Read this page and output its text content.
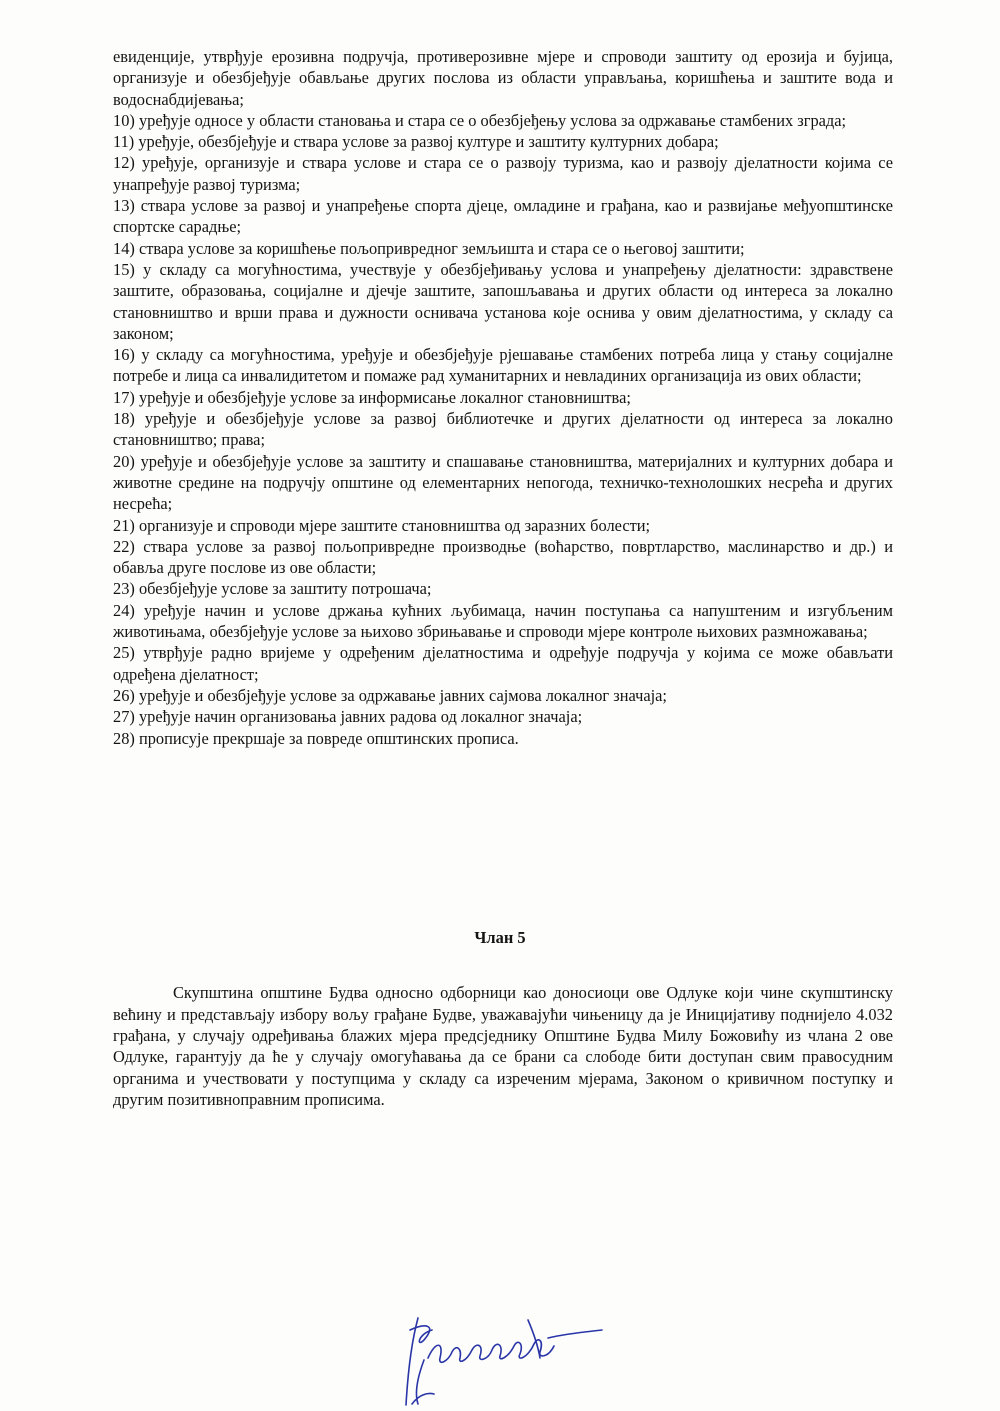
евиденције, утврђује ерозивна подручја, противерозивне мјере и спроводи заштиту од ерозија и бујица, организује и обезбјеђује обављање других послова из области управљања, коришћења и заштите вода и водоснабдијевања;

10) уређује односе у области становања и стара се о обезбјеђењу услова за одржавање стамбених зграда;

11) уређује, обезбјеђује и ствара услове за развој културе и заштиту културних добара;

12) уређује, организује и ствара услове и стара се о развоју туризма, као и развоју дјелатности којима се унапређује развој туризма;

13) ствара услове за развој и унапређење спорта дјеце, омладине и грађана, као и развијање међуопштинске спортске сарадње;

14) ствара услове за коришћење пољопривредног земљишта и стара се о његовој заштити;

15) у складу са могућностима, учествује у обезбјеђивању услова и унапређењу дјелатности: здравствене заштите, образовања, социјалне и дјечје заштите, запошљавања и других области од интереса за локално становништво и врши права и дужности оснивача установа које оснива у овим дјелатностима, у складу са законом;

16) у складу са могућностима, уређује и обезбјеђује рјешавање стамбених потреба лица у стању социјалне потребе и лица са инвалидитетом и помаже рад хуманитарних и невладиних организација из ових области;

17) уређује и обезбјеђује услове за информисање локалног становништва;

18) уређује и обезбјеђује услове за развој библиотечке и других дјелатности од интереса за локално становништво; права;

20) уређује и обезбјеђује услове за заштиту и спашавање становништва, материјалних и културних добара и животне средине на подручју општине од елементарних непогода, техничко-технолошких несрећа и других несрећа;

21) организује и спроводи мјере заштите становништва од заразних болести;

22) ствара услове за развој пољопривредне производње (воћарство, повртларство, маслинарство и др.) и обавља друге послове из ове области;

23) обезбјеђује услове за заштиту потрошача;

24) уређује начин и услове држања кућних љубимаца, начин поступања са напуштеним и изгубљеним животињама, обезбјеђује услове за њихово збрињавање и спроводи мјере контроле њихових размножавања;

25) утврђује радно вријеме у одређеним дјелатностима и одређује подручја у којима се може обављати одређена дјелатност;

26) уређује и обезбјеђује услове за одржавање јавних сајмова локалног значаја;

27) уређује начин организовања јавних радова од локалног значаја;

28) прописује прекршаје за повреде општинских прописа.

Члан 5

Скупштина општине Будва односно одборници као доносиоци ове Одлуке који чине скупштинску већину и представљају избору вољу грађане Будве, уважавајући чињеницу да је Иницијативу поднијело 4.032 грађана, у случају одређивања блажих мјера предсједнику Општине Будва Милу Божовићу из члана 2 ове Одлуке, гарантују да ће у случају омогућавања да се брани са слободе бити доступан свим правосудним органима и учествовати у поступцима у складу са изреченим мјерама, Законом о кривичном поступку и другим позитивноправним прописима.
